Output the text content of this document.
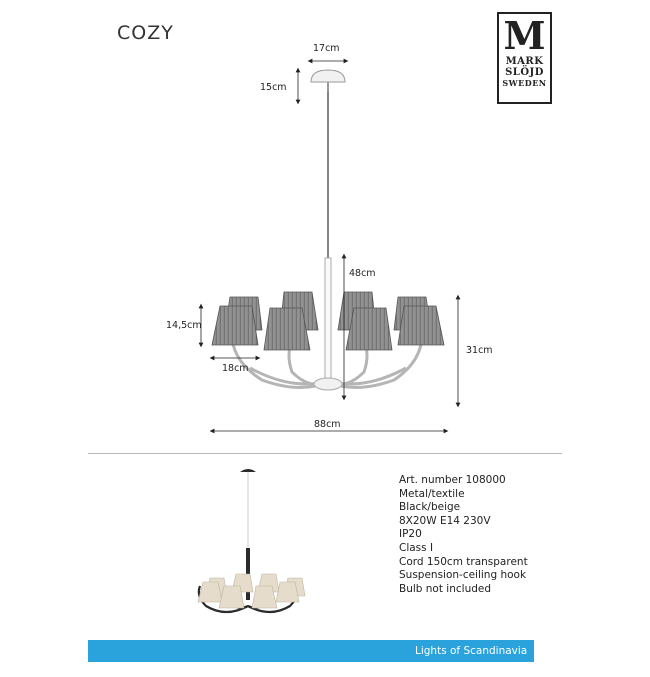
COZY	M
MARK
SLÖJD
SWEDEN
17cm
15cm
48cm
14,5cm
18cm
31cm
88cm
Art. number 108000
Metal/textile
Black/beige
8X20W E14 230V
IP20
Class I
Cord 150cm transparent
Suspension-ceiling hook
Bulb not included
Lights of Scandinavia
